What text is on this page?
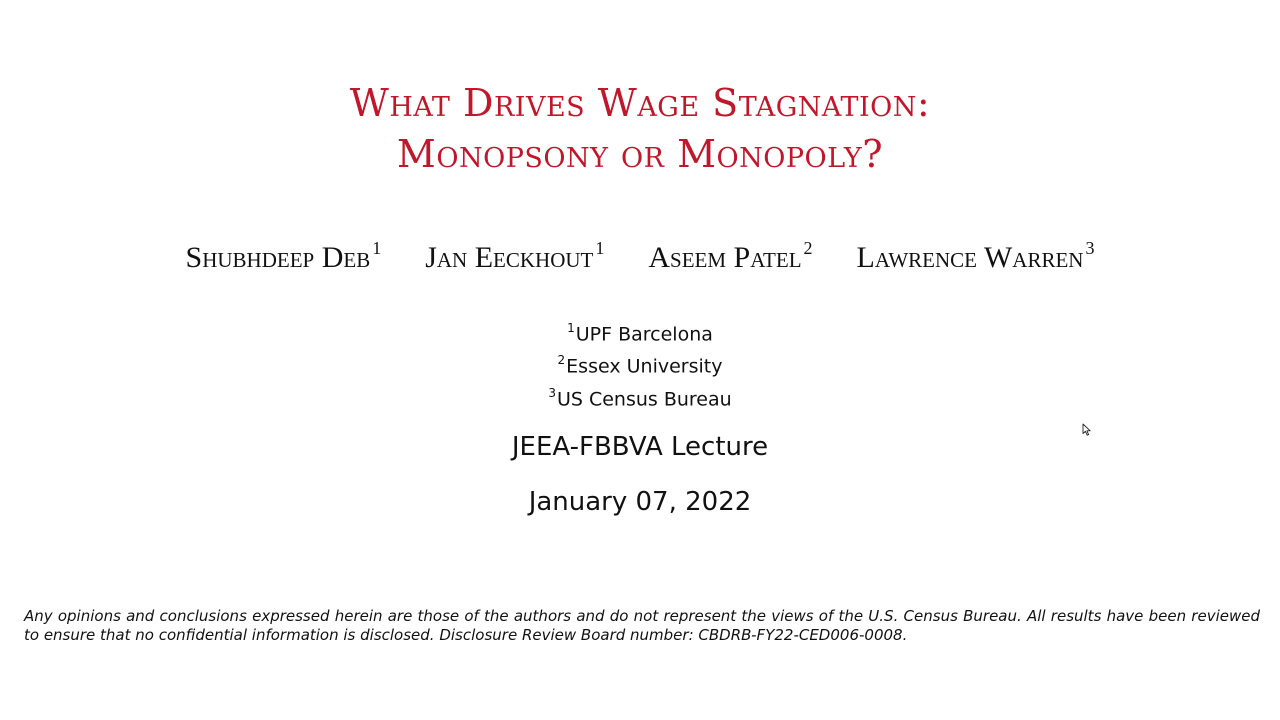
What Drives Wage Stagnation:
Monopsony or Monopoly?
Shubhdeep Deb $^1$ Jan Eeckhout $^1$ Aseem Patel $^2$ Lawrence Warren $^3$
$^1$UPF Barcelona
$^2$Essex University
$^3$US Census Bureau
JEEA-FBBVA Lecture
January 07, 2022
Any opinions and conclusions expressed herein are those of the authors and do not represent the views of the U.S. Census Bureau. All results have been reviewed to ensure that no confidential information is disclosed. Disclosure Review Board number: CBDRB-FY22-CED006-0008.
